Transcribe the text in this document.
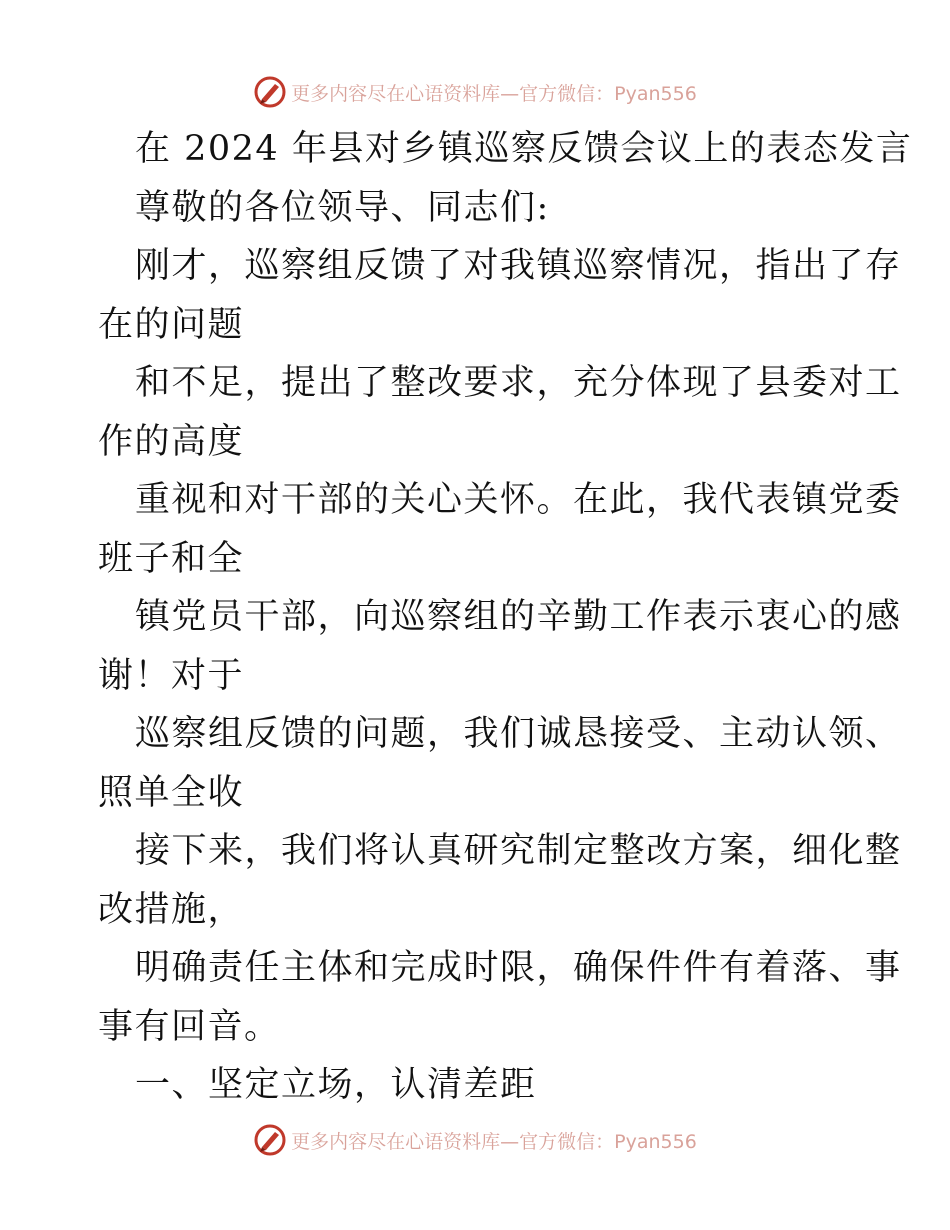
更多内容尽在心语资料库—官方微信：Pyan556
在 2024 年县对乡镇巡察反馈会议上的表态发言
尊敬的各位领导、同志们:
刚才，巡察组反馈了对我镇巡察情况，指出了存
在的问题
和不足，提出了整改要求，充分体现了县委对工
作的高度
重视和对干部的关心关怀。在此，我代表镇党委
班子和全
镇党员干部，向巡察组的辛勤工作表示衷心的感
谢！对于
巡察组反馈的问题，我们诚恳接受、主动认领、
照单全收
接下来，我们将认真研究制定整改方案，细化整
改措施，
明确责任主体和完成时限，确保件件有着落、事
事有回音。
一、坚定立场，认清差距
更多内容尽在心语资料库—官方微信：Pyan556
